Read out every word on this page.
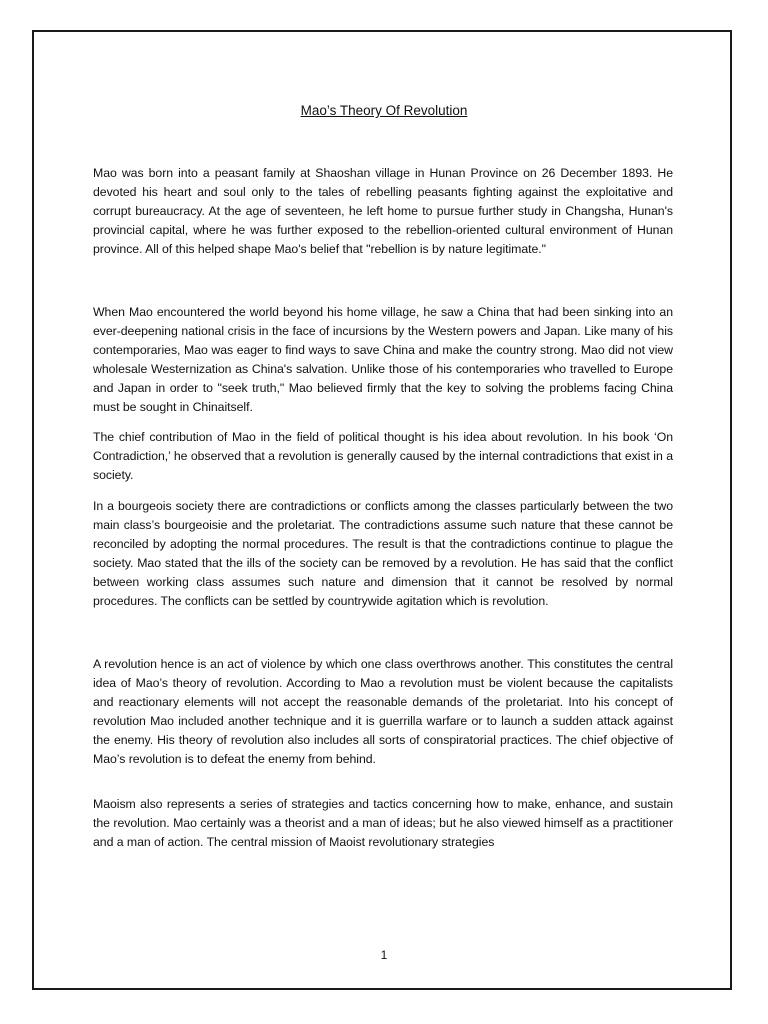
Mao’s Theory Of Revolution

Mao was born into a peasant family at Shaoshan village in Hunan Province on 26 December 1893. He devoted his heart and soul only to the tales of rebelling peasants fighting against the exploitative and corrupt bureaucracy. At the age of seventeen, he left home to pursue further study in Changsha, Hunan's provincial capital, where he was further exposed to the rebellion-oriented cultural environment of Hunan province. All of this helped shape Mao's belief that "rebellion is by nature legitimate."

When Mao encountered the world beyond his home village, he saw a China that had been sinking into an ever-deepening national crisis in the face of incursions by the Western powers and Japan. Like many of his contemporaries, Mao was eager to find ways to save China and make the country strong. Mao did not view wholesale Westernization as China's salvation. Unlike those of his contemporaries who travelled to Europe and Japan in order to "seek truth," Mao believed firmly that the key to solving the problems facing China must be sought in Chinaitself.

The chief contribution of Mao in the field of political thought is his idea about revolution. In his book ‘On Contradiction,’ he observed that a revolution is generally caused by the internal contradictions that exist in a society.

In a bourgeois society there are contradictions or conflicts among the classes particularly between the two main class’s bourgeoisie and the proletariat. The contradictions assume such nature that these cannot be reconciled by adopting the normal procedures. The result is that the contradictions continue to plague the society. Mao stated that the ills of the society can be removed by a revolution. He has said that the conflict between working class assumes such nature and dimension that it cannot be resolved by normal procedures. The conflicts can be settled by countrywide agitation which is revolution.

A revolution hence is an act of violence by which one class overthrows another. This constitutes the central idea of Mao’s theory of revolution. According to Mao a revolution must be violent because the capitalists and reactionary elements will not accept the reasonable demands of the proletariat. Into his concept of revolution Mao included another technique and it is guerrilla warfare or to launch a sudden attack against the enemy. His theory of revolution also includes all sorts of conspiratorial practices. The chief objective of Mao’s revolution is to defeat the enemy from behind.

Maoism also represents a series of strategies and tactics concerning how to make, enhance, and sustain the revolution. Mao certainly was a theorist and a man of ideas; but he also viewed himself as a practitioner and a man of action. The central mission of Maoist revolutionary strategies

1
